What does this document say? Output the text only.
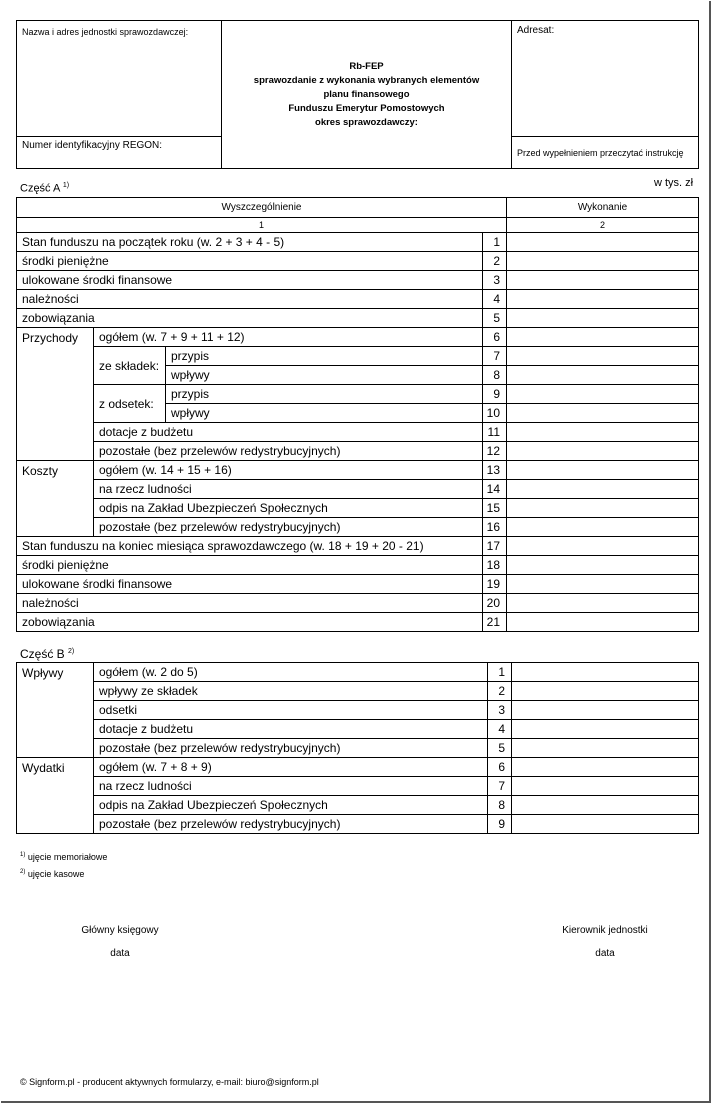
Nazwa i adres jednostki sprawozdawczej:	Rb-FEP
sprawozdanie z wykonania wybranych elementów
planu finansowego
Funduszu Emerytur Pomostowych
okres sprawozdawczy:	Adresat:
Numer identyfikacyjny REGON:		Przed wypełnieniem przeczytać instrukcję
Część A $^{1)}$	w tys. zł
Wyszczególnienie				Wykonanie
1				2
Stan funduszu na początek roku (w. 2 + 3 + 4 - 5)			1	
środki pieniężne			2	
ulokowane środki finansowe			3	
należności			4	
zobowiązania			5	
Przychody	ogółem (w. 7 + 9 + 11 + 12)		6	
	ze składek:	przypis	7	
		wpływy	8	
	z odsetek:	przypis	9	
		wpływy	10	
	dotacje z budżetu		11	
	pozostałe (bez przelewów redystrybucyjnych)		12	
Koszty	ogółem (w. 14 + 15 + 16)		13	
	na rzecz ludności		14	
	odpis na Zakład Ubezpieczeń Społecznych		15	
	pozostałe (bez przelewów redystrybucyjnych)		16	
Stan funduszu na koniec miesiąca sprawozdawczego (w. 18 + 19 + 20 - 21)			17	
środki pieniężne			18	
ulokowane środki finansowe			19	
należności			20	
zobowiązania			21	
Część B $^{2)}$
Wpływy	ogółem (w. 2 do 5)	1	
	wpływy ze składek	2	
	odsetki	3	
	dotacje z budżetu	4	
	pozostałe (bez przelewów redystrybucyjnych)	5	
Wydatki	ogółem (w. 7 + 8 + 9)	6	
	na rzecz ludności	7	
	odpis na Zakład Ubezpieczeń Społecznych	8	
	pozostałe (bez przelewów redystrybucyjnych)	9	
$^{1)}$ ujęcie memoriałowe
$^{2)}$ ujęcie kasowe
Główny księgowy
data
Kierownik jednostki
data
© Signform.pl - producent aktywnych formularzy, e-mail: biuro@signform.pl
